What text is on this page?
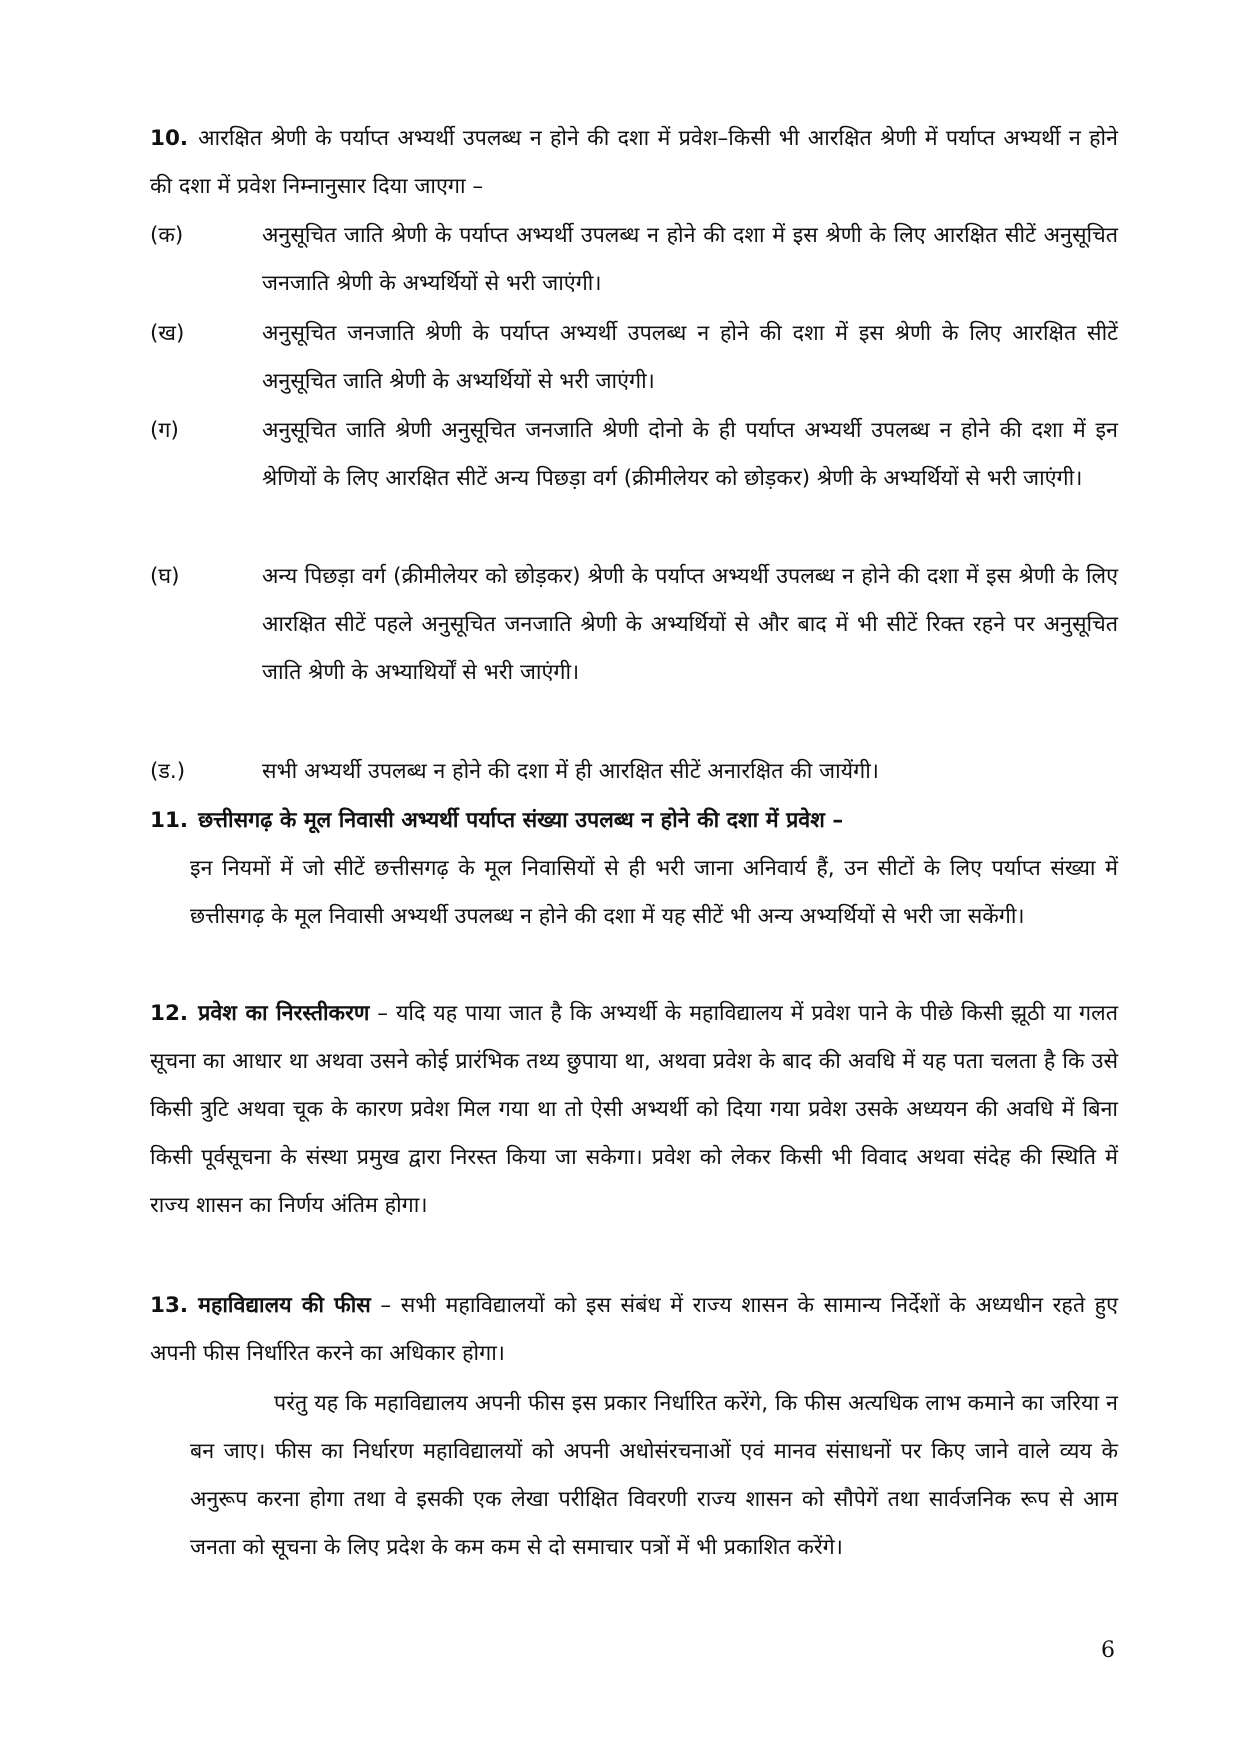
10. आरक्षित श्रेणी के पर्याप्त अभ्यर्थी उपलब्ध न होने की दशा में प्रवेश–किसी भी आरक्षित श्रेणी में पर्याप्त अभ्यर्थी न होने की दशा में प्रवेश निम्नानुसार दिया जाएगा –

(क)	अनुसूचित जाति श्रेणी के पर्याप्त अभ्यर्थी उपलब्ध न होने की दशा में इस श्रेणी के लिए आरक्षित सीटें अनुसूचित जनजाति श्रेणी के अभ्यर्थियों से भरी जाएंगी।

(ख)	अनुसूचित जनजाति श्रेणी के पर्याप्त अभ्यर्थी उपलब्ध न होने की दशा में इस श्रेणी के लिए आरक्षित सीटें अनुसूचित जाति श्रेणी के अभ्यर्थियों से भरी जाएंगी।

(ग)	अनुसूचित जाति श्रेणी अनुसूचित जनजाति श्रेणी दोनो के ही पर्याप्त अभ्यर्थी उपलब्ध न होने की दशा में इन श्रेणियों के लिए आरक्षित सीटें अन्य पिछड़ा वर्ग (क्रीमीलेयर को छोड़कर) श्रेणी के अभ्यर्थियों से भरी जाएंगी।

(घ)	अन्य पिछड़ा वर्ग (क्रीमीलेयर को छोड़कर) श्रेणी के पर्याप्त अभ्यर्थी उपलब्ध न होने की दशा में इस श्रेणी के लिए आरक्षित सीटें पहले अनुसूचित जनजाति श्रेणी के अभ्यर्थियों से और बाद में भी सीटें रिक्त रहने पर अनुसूचित जाति श्रेणी के अभ्याथिर्यों से भरी जाएंगी।

(ड.)	सभी अभ्यर्थी उपलब्ध न होने की दशा में ही आरक्षित सीटें अनारक्षित की जायेंगी।

11. छत्तीसगढ़ के मूल निवासी अभ्यर्थी पर्याप्त संख्या उपलब्ध न होने की दशा में प्रवेश –

इन नियमों में जो सीटें छत्तीसगढ़ के मूल निवासियों से ही भरी जाना अनिवार्य हैं, उन सीटों के लिए पर्याप्त संख्या में छत्तीसगढ़ के मूल निवासी अभ्यर्थी उपलब्ध न होने की दशा में यह सीटें भी अन्य अभ्यर्थियों से भरी जा सकेंगी।

12. प्रवेश का निरस्तीकरण – यदि यह पाया जात है कि अभ्यर्थी के महाविद्यालय में प्रवेश पाने के पीछे किसी झूठी या गलत सूचना का आधार था अथवा उसने कोई प्रारंभिक तथ्य छुपाया था, अथवा प्रवेश के बाद की अवधि में यह पता चलता है कि उसे किसी त्रुटि अथवा चूक के कारण प्रवेश मिल गया था तो ऐसी अभ्यर्थी को दिया गया प्रवेश उसके अध्ययन की अवधि में बिना किसी पूर्वसूचना के संस्था प्रमुख द्वारा निरस्त किया जा सकेगा। प्रवेश को लेकर किसी भी विवाद अथवा संदेह की स्थिति में राज्य शासन का निर्णय अंतिम होगा।

13. महाविद्यालय की फीस – सभी महाविद्यालयों को इस संबंध में राज्य शासन के सामान्य निर्देशों के अध्यधीन रहते हुए अपनी फीस निर्धारित करने का अधिकार होगा।

परंतु यह कि महाविद्यालय अपनी फीस इस प्रकार निर्धारित करेंगे, कि फीस अत्यधिक लाभ कमाने का जरिया न बन जाए। फीस का निर्धारण महाविद्यालयों को अपनी अधोसंरचनाओं एवं मानव संसाधनों पर किए जाने वाले व्यय के अनुरूप करना होगा तथा वे इसकी एक लेखा परीक्षित विवरणी राज्य शासन को सौपेगें तथा सार्वजनिक रूप से आम जनता को सूचना के लिए प्रदेश के कम कम से दो समाचार पत्रों में भी प्रकाशित करेंगे।

6
